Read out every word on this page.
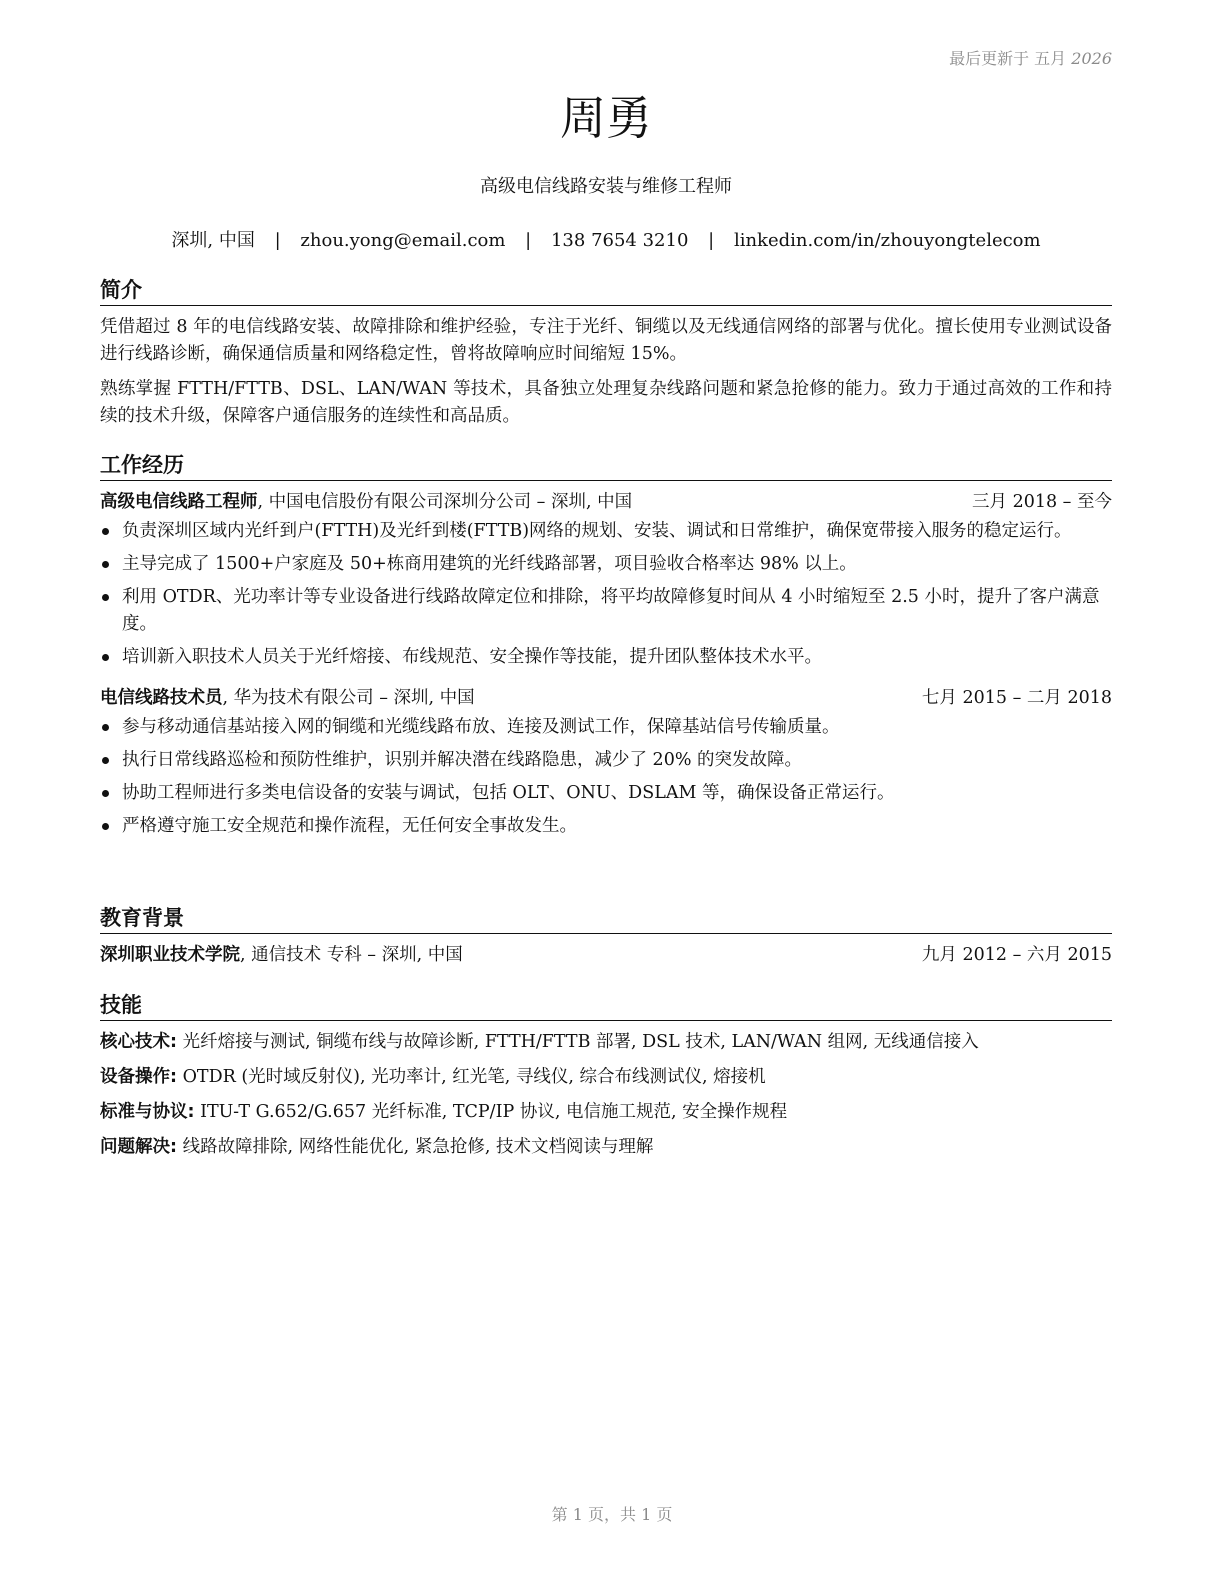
最后更新于 五月 2026
周勇
高级电信线路安装与维修工程师
深圳, 中国 | zhou.yong@email.com | 138 7654 3210 | linkedin.com/in/zhouyongtelecom
简介

凭借超过 8 年的电信线路安装、故障排除和维护经验，专注于光纤、铜缆以及无线通信网络的部署与优化。擅长使用专业测试设备进行线路诊断，确保通信质量和网络稳定性，曾将故障响应时间缩短 15%。

熟练掌握 FTTH/FTTB、DSL、LAN/WAN 等技术，具备独立处理复杂线路问题和紧急抢修的能力。致力于通过高效的工作和持续的技术升级，保障客户通信服务的连续性和高品质。

工作经历
高级电信线路工程师, 中国电信股份有限公司深圳分公司 – 深圳, 中国	三月 2018 – 至今
负责深圳区域内光纤到户(FTTH)及光纤到楼(FTTB)网络的规划、安装、调试和日常维护，确保宽带接入服务的稳定运行。
主导完成了 1500+户家庭及 50+栋商用建筑的光纤线路部署，项目验收合格率达 98% 以上。
利用 OTDR、光功率计等专业设备进行线路故障定位和排除，将平均故障修复时间从 4 小时缩短至 2.5 小时，提升了客户满意度。
培训新入职技术人员关于光纤熔接、布线规范、安全操作等技能，提升团队整体技术水平。
电信线路技术员, 华为技术有限公司 – 深圳, 中国	七月 2015 – 二月 2018
参与移动通信基站接入网的铜缆和光缆线路布放、连接及测试工作，保障基站信号传输质量。
执行日常线路巡检和预防性维护，识别并解决潜在线路隐患，减少了 20% 的突发故障。
协助工程师进行多类电信设备的安装与调试，包括 OLT、ONU、DSLAM 等，确保设备正常运行。
严格遵守施工安全规范和操作流程，无任何安全事故发生。
教育背景
深圳职业技术学院, 通信技术 专科 – 深圳, 中国	九月 2012 – 六月 2015
技能
核心技术: 光纤熔接与测试, 铜缆布线与故障诊断, FTTH/FTTB 部署, DSL 技术, LAN/WAN 组网, 无线通信接入
设备操作: OTDR (光时域反射仪), 光功率计, 红光笔, 寻线仪, 综合布线测试仪, 熔接机
标准与协议: ITU-T G.652/G.657 光纤标准, TCP/IP 协议, 电信施工规范, 安全操作规程
问题解决: 线路故障排除, 网络性能优化, 紧急抢修, 技术文档阅读与理解
第 1 页，共 1 页
